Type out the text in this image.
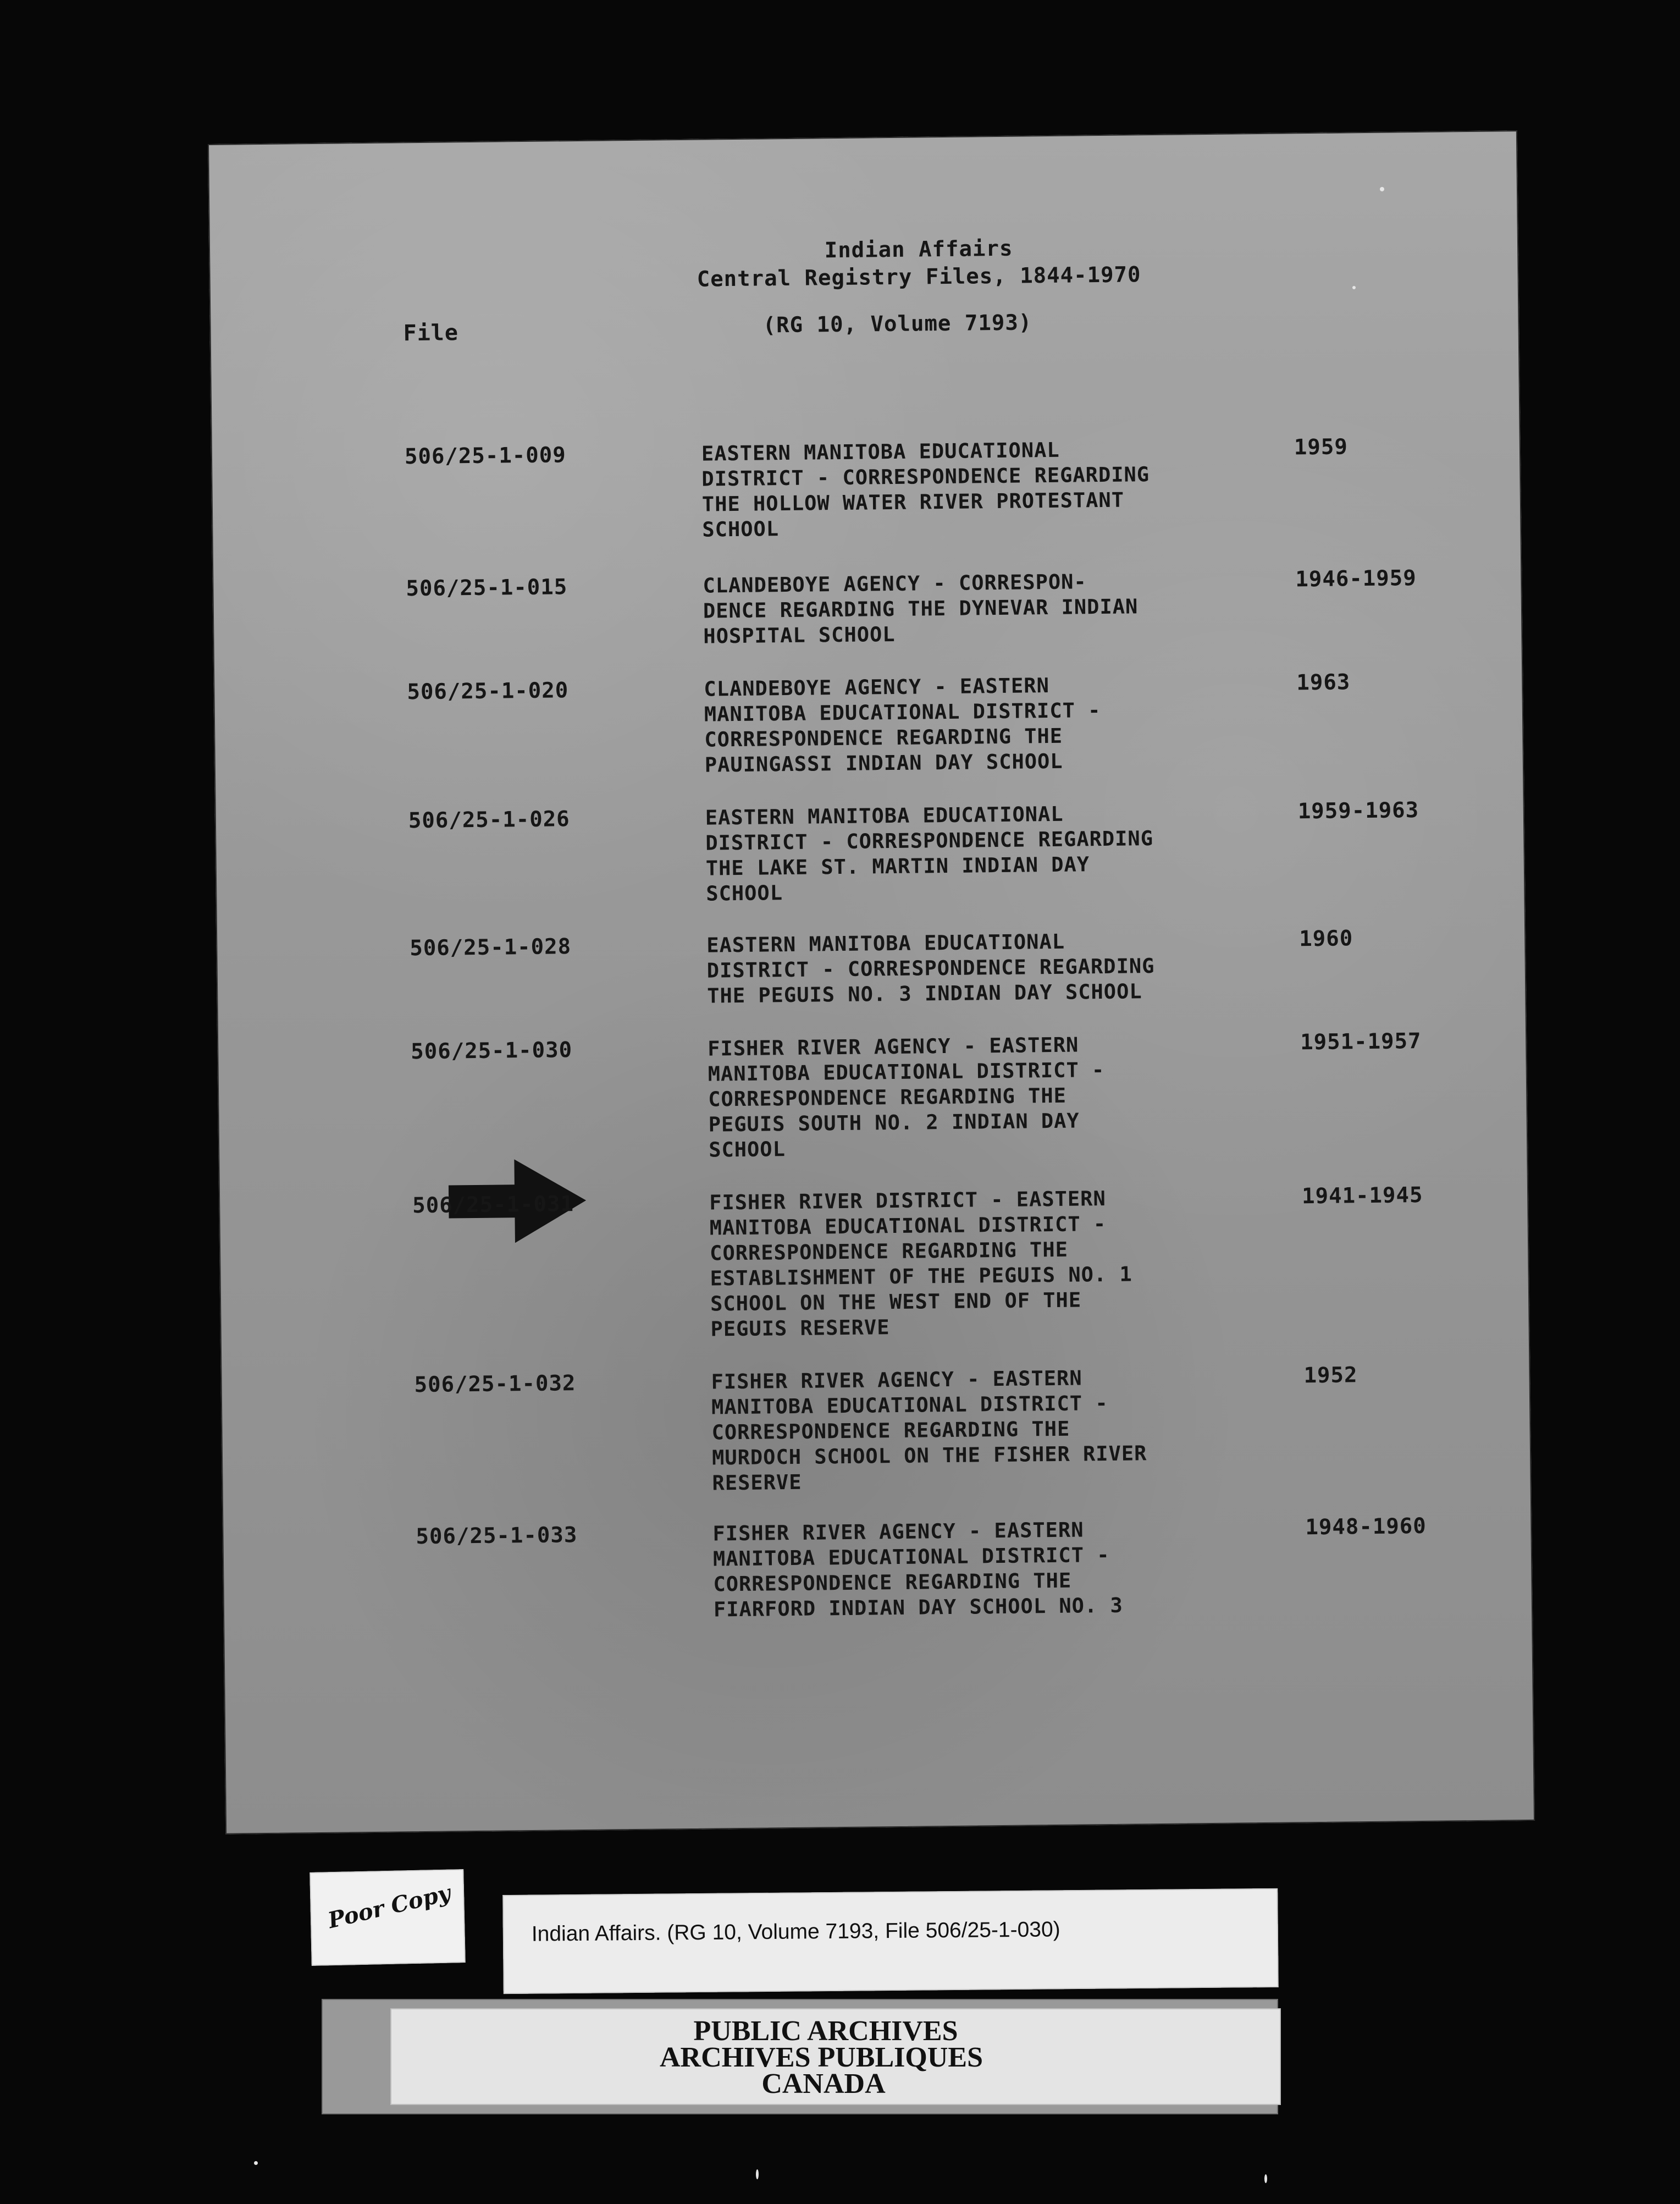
Indian Affairs
Central Registry Files, 1844-1970
File	(RG 10, Volume 7193)
506/25-1-009	EASTERN MANITOBA EDUCATIONAL
DISTRICT - CORRESPONDENCE REGARDING
THE HOLLOW WATER RIVER PROTESTANT
SCHOOL
1959
506/25-1-015	CLANDEBOYE AGENCY - CORRESPON-
DENCE REGARDING THE DYNEVAR INDIAN
HOSPITAL SCHOOL
1946-1959
506/25-1-020	CLANDEBOYE AGENCY - EASTERN
MANITOBA EDUCATIONAL DISTRICT -
CORRESPONDENCE REGARDING THE
PAUINGASSI INDIAN DAY SCHOOL
1963
506/25-1-026	EASTERN MANITOBA EDUCATIONAL
DISTRICT - CORRESPONDENCE REGARDING
THE LAKE ST. MARTIN INDIAN DAY
SCHOOL
1959-1963
506/25-1-028	EASTERN MANITOBA EDUCATIONAL
DISTRICT - CORRESPONDENCE REGARDING
THE PEGUIS NO. 3 INDIAN DAY SCHOOL
1960
506/25-1-030	FISHER RIVER AGENCY - EASTERN
MANITOBA EDUCATIONAL DISTRICT -
CORRESPONDENCE REGARDING THE
PEGUIS SOUTH NO. 2 INDIAN DAY
SCHOOL
1951-1957
506/25-1-031	FISHER RIVER DISTRICT - EASTERN
MANITOBA EDUCATIONAL DISTRICT -
CORRESPONDENCE REGARDING THE
ESTABLISHMENT OF THE PEGUIS NO. 1
SCHOOL ON THE WEST END OF THE
PEGUIS RESERVE
1941-1945
506/25-1-032	FISHER RIVER AGENCY - EASTERN
MANITOBA EDUCATIONAL DISTRICT -
CORRESPONDENCE REGARDING THE
MURDOCH SCHOOL ON THE FISHER RIVER
RESERVE
1952
506/25-1-033	FISHER RIVER AGENCY - EASTERN
MANITOBA EDUCATIONAL DISTRICT -
CORRESPONDENCE REGARDING THE
FIARFORD INDIAN DAY SCHOOL NO. 3
1948-1960
Poor Copy	Indian Affairs. (RG 10, Volume 7193, File 506/25-1-030)
PUBLIC ARCHIVES
ARCHIVES PUBLIQUES
CANADA
